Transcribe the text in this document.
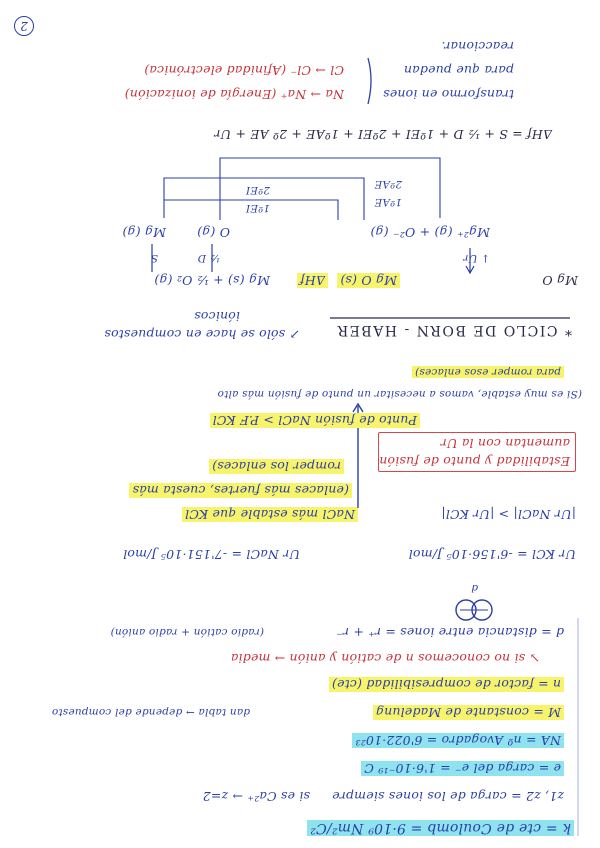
2
k = cte de Coulomb = 9·10⁹ Nm²/C²
z1, z2 = carga de los iones siempre
si es Ca²⁺ → z=2
e = carga del e⁻ = 1'6·10⁻¹⁹ C
NA = nº Avogadro = 6'022·10²³
M = constante de Madelung
dan tabla → depende del compuesto
n = factor de compresibilidad (cte)
↘ si no conocemos n de catión y anión → media
d = distancia entre iones = r⁺ + r⁻
(radio catión + radio anión)
d
Ur KCl = -6'156·10⁵ J/mol
Ur NaCl = -7'151·10⁵ J/mol
|Ur NaCl| > |Ur KCl|
NaCl más estable que KCl
(enlaces más fuertes, cuesta más
romper los enlaces)	Estabilidad y punto de fusión
aumentan con la Ur
Punto de fusión NaCl > P.F KCl
(Si es muy estable, vamos a necesitar un punto de fusión más alto
para romper esos enlaces)
* CICLO DE BORN - HABER
↗ sólo se hace en compuestos
iónicos
Mg O
Mg (s) + ½ O₂ (g) ΔHf Mg O (s)
S	½ D	↓ Ur
Mg (g) O (g)	Mg²⁺ (g) + O²⁻ (g)
1ºEI
2ºEI
1ºAE
2ºAE
ΔHf = S + ½ D + 1ºEI + 2ºEI + 1ºAE + 2º AE + Ur
Na → Na⁺ (Energía de ionización)
Cl → Cl⁻ (Afinidad electrónica)
transformo en iones
para que puedan
reaccionar.
